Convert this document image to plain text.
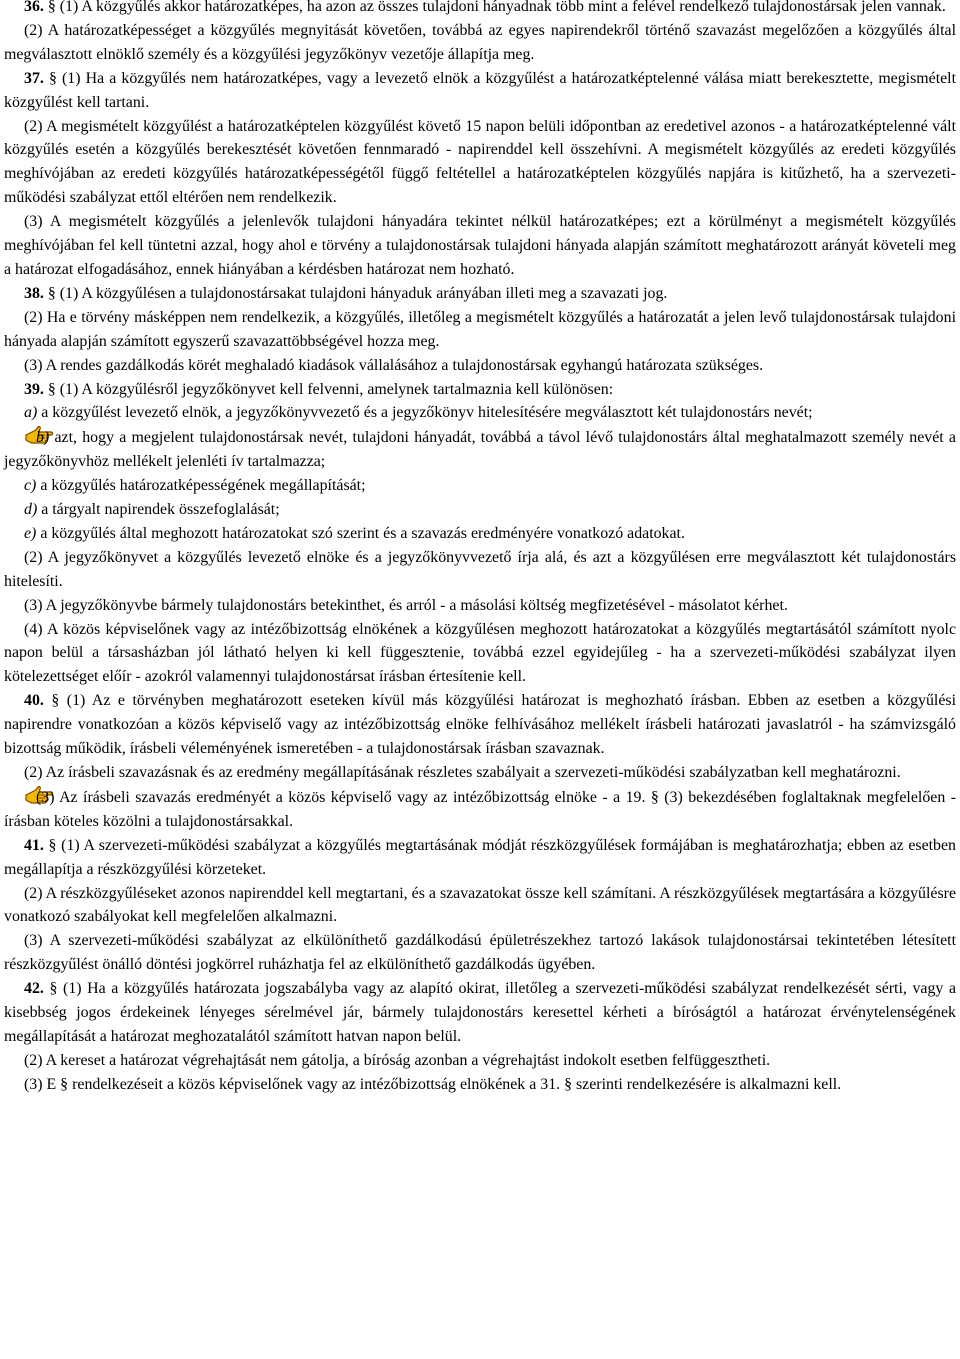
36. § (1) A közgyűlés akkor határozatképes, ha azon az összes tulajdoni hányadnak több mint a felével rendelkező tulajdonostársak jelen vannak.

(2) A határozatképességet a közgyűlés megnyitását követően, továbbá az egyes napirendekről történő szavazást megelőzően a közgyűlés által megválasztott elnöklő személy és a közgyűlési jegyzőkönyv vezetője állapítja meg.

37. § (1) Ha a közgyűlés nem határozatképes, vagy a levezető elnök a közgyűlést a határozatképtelenné válása miatt berekesztette, megismételt közgyűlést kell tartani.

(2) A megismételt közgyűlést a határozatképtelen közgyűlést követő 15 napon belüli időpontban az eredetivel azonos - a határozatképtelenné vált közgyűlés esetén a közgyűlés berekesztését követően fennmaradó - napirenddel kell összehívni. A megismételt közgyűlés az eredeti közgyűlés meghívójában az eredeti közgyűlés határozatképességétől függő feltétellel a határozatképtelen közgyűlés napjára is kitűzhető, ha a szervezeti-működési szabályzat ettől eltérően nem rendelkezik.

(3) A megismételt közgyűlés a jelenlevők tulajdoni hányadára tekintet nélkül határozatképes; ezt a körülményt a megismételt közgyűlés meghívójában fel kell tüntetni azzal, hogy ahol e törvény a tulajdonostársak tulajdoni hányada alapján számított meghatározott arányát követeli meg a határozat elfogadásához, ennek hiányában a kérdésben határozat nem hozható.

38. § (1) A közgyűlésen a tulajdonostársakat tulajdoni hányaduk arányában illeti meg a szavazati jog.

(2) Ha e törvény másképpen nem rendelkezik, a közgyűlés, illetőleg a megismételt közgyűlés a határozatát a jelen levő tulajdonostársak tulajdoni hányada alapján számított egyszerű szavazattöbbségével hozza meg.

(3) A rendes gazdálkodás körét meghaladó kiadások vállalásához a tulajdonostársak egyhangú határozata szükséges.

39. § (1) A közgyűlésről jegyzőkönyvet kell felvenni, amelynek tartalmaznia kell különösen:

a) a közgyűlést levezető elnök, a jegyzőkönyvvezető és a jegyzőkönyv hitelesítésére megválasztott két tulajdonostárs nevét;

b) azt, hogy a megjelent tulajdonostársak nevét, tulajdoni hányadát, továbbá a távol lévő tulajdonostárs által meghatalmazott személy nevét a jegyzőkönyvhöz mellékelt jelenléti ív tartalmazza;

c) a közgyűlés határozatképességének megállapítását;

d) a tárgyalt napirendek összefoglalását;

e) a közgyűlés által meghozott határozatokat szó szerint és a szavazás eredményére vonatkozó adatokat.

(2) A jegyzőkönyvet a közgyűlés levezető elnöke és a jegyzőkönyvvezető írja alá, és azt a közgyűlésen erre megválasztott két tulajdonostárs hitelesíti.

(3) A jegyzőkönyvbe bármely tulajdonostárs betekinthet, és arról - a másolási költség megfizetésével - másolatot kérhet.

(4) A közös képviselőnek vagy az intézőbizottság elnökének a közgyűlésen meghozott határozatokat a közgyűlés megtartásától számított nyolc napon belül a társasházban jól látható helyen ki kell függesztenie, továbbá ezzel egyidejűleg - ha a szervezeti-működési szabályzat ilyen kötelezettséget előír - azokról valamennyi tulajdonostársat írásban értesítenie kell.

40. § (1) Az e törvényben meghatározott eseteken kívül más közgyűlési határozat is meghozható írásban. Ebben az esetben a közgyűlési napirendre vonatkozóan a közös képviselő vagy az intézőbizottság elnöke felhívásához mellékelt írásbeli határozati javaslatról - ha számvizsgáló bizottság működik, írásbeli véleményének ismeretében - a tulajdonostársak írásban szavaznak.

(2) Az írásbeli szavazásnak és az eredmény megállapításának részletes szabályait a szervezeti-működési szabályzatban kell meghatározni.

(3) Az írásbeli szavazás eredményét a közös képviselő vagy az intézőbizottság elnöke - a 19. § (3) bekezdésében foglaltaknak megfelelően - írásban köteles közölni a tulajdonostársakkal.

41. § (1) A szervezeti-működési szabályzat a közgyűlés megtartásának módját részközgyűlések formájában is meghatározhatja; ebben az esetben megállapítja a részközgyűlési körzeteket.

(2) A részközgyűléseket azonos napirenddel kell megtartani, és a szavazatokat össze kell számítani. A részközgyűlések megtartására a közgyűlésre vonatkozó szabályokat kell megfelelően alkalmazni.

(3) A szervezeti-működési szabályzat az elkülöníthető gazdálkodású épületrészekhez tartozó lakások tulajdonostársai tekintetében létesített részközgyűlést önálló döntési jogkörrel ruházhatja fel az elkülöníthető gazdálkodás ügyében.

42. § (1) Ha a közgyűlés határozata jogszabályba vagy az alapító okirat, illetőleg a szervezeti-működési szabályzat rendelkezését sérti, vagy a kisebbség jogos érdekeinek lényeges sérelmével jár, bármely tulajdonostárs keresettel kérheti a bíróságtól a határozat érvénytelenségének megállapítását a határozat meghozatalától számított hatvan napon belül.

(2) A kereset a határozat végrehajtását nem gátolja, a bíróság azonban a végrehajtást indokolt esetben felfüggesztheti.

(3) E § rendelkezéseit a közös képviselőnek vagy az intézőbizottság elnökének a 31. § szerinti rendelkezésére is alkalmazni kell.
